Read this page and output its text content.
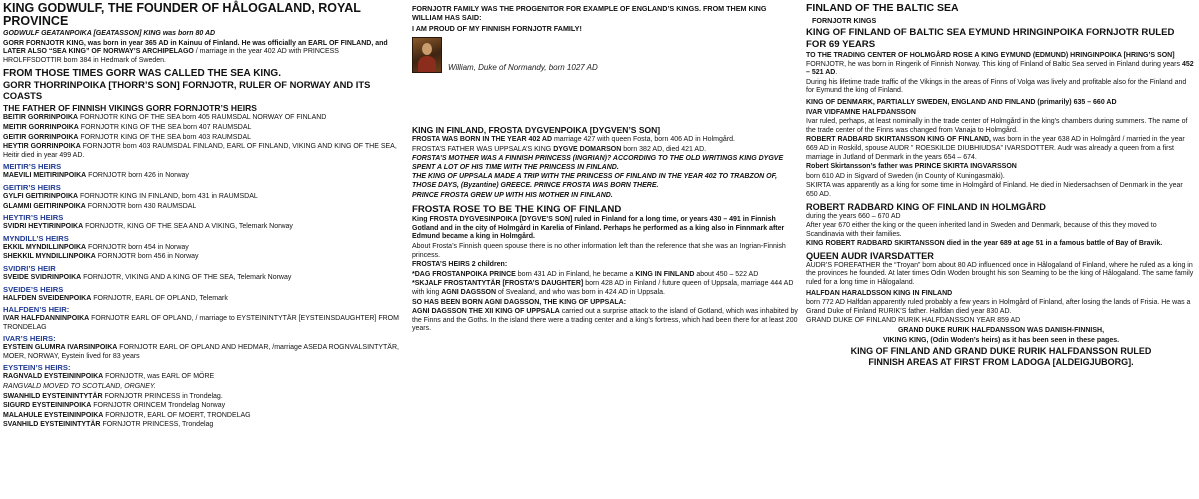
KING GODWULF, THE FOUNDER OF HÅLOGALAND, ROYAL PROVINCE
GODWULF GEATANPOIKA [GEATASSON] KING was born 80 AD
GORR FORNJOTR KING, was born in year 365 AD in Kainuu of Finland. He was officially an EARL OF FINLAND, and LATER ALSO “SEA KING” OF NORWAY’S ARCHIPELAGO / marriage in the year 402 AD with PRINCESS HROLFFSDOTTIR born 384 in Hedmark of Sweden.
FROM THOSE TIMES GORR WAS CALLED THE SEA KING.
GORR THORRINPOIKA [THORR’S SON] FORNJOTR, RULER OF NORWAY AND ITS COASTS
THE FATHER OF FINNISH VIKINGS GORR FORNJOTR’S HEIRS
BEITIR GORRINPOIKA FORNJOTR KING OF THE SEA born 405 RAUMSDAL NORWAY OF FINLAND
MEITIR GORRINPOIKA FORNJOTR KING OF THE SEA born 407 RAUMSDAL
GEITIR GORRINPOIKA FORNJOTR KING OF THE SEA born 403 RAUMSDAL
HEYTIR GORRINPOIKA FORNJOTR born 403 RAUMSDAL FINLAND, EARL OF FINLAND, VIKING AND KING OF THE SEA, Heitir died in year 499 AD.
MEITIR’S HEIRS
MAEVILI MEITIRINPOIKA FORNJOTR born 426 in Norway
GEITIR’S HEIRS
GYLFI GEITIRINPOIKA FORNJOTR KING IN FINLAND, born 431 in RAUMSDAL
GLAMMI GEITIRINPOIKA FORNJOTR born 430 RAUMSDAL
HEYTIR’S HEIRS
SVIDRI HEYTIRINPOIKA FORNJOTR, KING OF THE SEA AND A VIKING, Telemark Norway
MYNDILL’S HEIRS
EKKIL MYNDILLINPOIKA FORNJOTR born 454 in Norway
SHEKKIL MYNDILLINPOIKA FORNJOTR born 456 in Norway
SVIDRI’S HEIR
SVEIDE SVIDRINPOIKA FORNJOTR, VIKING AND A KING OF THE SEA, Telemark Norway
SVEIDE’S HEIRS
HALFDEN SVEIDENPOIKA FORNJOTR, EARL OF OPLAND, Telemark
HALFDEN’S HEIR:
IVAR HALFDANNINPOIKA FORNJOTR EARL OF OPLAND, / marriage to EYSTEININTYTÄR [EYSTEINSDAUGHTER] FROM TRONDELAG
IVAR’S HEIRS:
EYSTEIN GLUMRA IVARSINPOIKA FORNJOTR EARL OF OPLAND AND HEDMAR, /marriage ASEDA ROGNVALSINTYTÄR, MOER, NORWAY, Eystein lived for 83 years
EYSTEIN’S HEIRS:
RAGNVALD EYSTEININPOIKA FORNJOTR, was EARL OF MÖRE
RANGVALD MOVED TO SCOTLAND, ORGNEY.
SWANHILD EYSTEININTYTÄR FORNJOTR PRINCESS in Trondelag.
SIGURD EYSTEININPOIKA FORNJOTR ORINCEM Trondelag Norway
MALAHULE EYSTEININPOIKA FORNJOTR, EARL OF MOERT, TRONDELAG
SVANHILD EYSTEININTYTÄR FORNJOTR PRINCESS, Trondelag
FORNJOTR FAMILY WAS THE PROGENITOR FOR EXAMPLE OF ENGLAND’S KINGS. FROM THEM KING WILLIAM HAS SAID:
I AM PROUD OF MY FINNISH FORNJOTR FAMILY!
William, Duke of Normandy, born 1027 AD
KING IN FINLAND, FROSTA DYGVENPOIKA [DYGVEN’S SON]
FROSTA WAS BORN IN THE YEAR 402 AD marriage 427 with queen Fosta, born 406 AD in Holmgård.
FROSTA’S FATHER WAS UPPSALA’S KING DYGVE DOMARSON born 382 AD, died 421 AD.
FORSTA’S MOTHER WAS A FINNISH PRINCESS (INGRIAN)? ACCORDING TO THE OLD WRITINGS KING DYGVE SPENT A LOT OF HIS TIME WITH THE PRINCESS IN FINLAND.
THE KING OF UPPSALA MADE A TRIP WITH THE PRINCESS OF FINLAND IN THE YEAR 402 TO TRABZON OF, THOSE DAYS, (Byzantine) GREECE. PRINCE FROSTA WAS BORN THERE.
PRINCE FROSTA GREW UP WITH HIS MOTHER IN FINLAND.
FROSTA ROSE TO BE THE KING OF FINLAND
King FROSTA DYGVESINPOIKA [DYGVE’S SON] ruled in Finland for a long time, or years 430 – 491 in Finnish Gotland and in the city of Holmgård in Karelia of Finland. Perhaps he performed as a king also in Finnmark after Edmund became a king in Holmgård.
About Frosta’s Finnish queen spouse there is no other information left than the reference that she was an Ingrian-Finnish princess.
FROSTA’S HEIRS 2 children:
*DAG FROSTANPOIKA PRINCE born 431 AD in Finland, he became a KING IN FINLAND about 450 – 522 AD
*SKJALF FROSTANTYTÄR [FROSTA’S DAUGHTER] born 428 AD in Finland / future queen of Uppsala, marriage 444 AD with king AGNI DAGSSON of Svealand, and who was born in 424 AD in Uppsala.
SO HAS BEEN BORN AGNI DAGSSON, THE KING OF UPPSALA:
AGNI DAGSSON THE XII KING OF UPPSALA carried out a surprise attack to the island of Gotland, which was inhabited by the Finns and the Goths. In the island there were a trading center and a king’s fortress, which had been there for at least 200 years.
FINLAND OF THE BALTIC SEA
FORNJOTR KINGS
KING OF FINLAND OF BALTIC SEA EYMUND HRINGINPOIKA FORNJOTR RULED FOR 69 YEARS
TO THE TRADING CENTER OF HOLMGÅRD ROSE A KING EYMUND (EDMUND) HRINGINPOIKA [HRING’S SON] FORNJOTR, he was born in Ringerik of Finnish Norway. This king of Finland of Baltic Sea served in Finland during years 452 – 521 AD.
During his lifetime trade traffic of the Vikings in the areas of Finns of Volga was lively and profitable also for the Finland and for Eymund the king of Finland.
KING OF DENMARK, PARTIALLY SWEDEN, ENGLAND AND FINLAND (primarily) 635 – 660 AD
IVAR VIDFAMNE HALFDANSSON
Ivar ruled, perhaps, at least nominally in the trade center of Holmgård in the king’s chambers during summers. The name of the trade center of the Finns was changed from Vanaja to Holmgård.
ROBERT RADBARD SKIRTANSSON KING OF FINLAND, was born in the year 638 AD in Holmgård / married in the year 669 AD in Roskild, spouse AUDR ” ROESKILDE DIUBHIUDSA” IVARSDOTTER. Audr was already a queen from a first marriage in Jutland of Denmark in the years 654 – 674.
Robert Skirtansson’s father was PRINCE SKIRTA INGVARSSON
born 610 AD in Sigvard of Sweden (in County of Kuningasmäki).
SKIRTA was apparently as a king for some time in Holmgård of Finland. He died in Niedersachsen of Denmark in the year 650 AD.
ROBERT RADBARD KING OF FINLAND IN HOLMGÅRD
during the years 660 – 670 AD
After year 670 either the king or the queen inherited land in Sweden and Denmark, because of this they moved to Scandinavia with their families.
KING ROBERT RADBARD SKIRTANSSON died in the year 689 at age 51 in a famous battle of Bay of Bravik.
QUEEN AUDR IVARSDATTER
AUDR’S FOREFATHER the “Troyan” born about 80 AD influenced once in Hålogaland of Finland, where he ruled as a king in the provinces he founded. At later times Odin Woden brought his son Seaming to be the king of Hålogaland. The same family ruled for a long time in Hålogaland.
HALFDAN HARALDSSON KING IN FINLAND
born 772 AD Halfdan apparently ruled probably a few years in Holmgård of Finland, after losing the lands of Frisia. He was a Grand Duke of Finland RURIK’S father. Halfdan died year 830 AD.
GRAND DUKE OF FINLAND RURIK HALFDANSSON YEAR 859 AD
GRAND DUKE RURIK HALFDANSSON WAS DANISH-FINNISH,
VIKING KING, (Odin Woden’s heirs) as it has been seen in these pages.
KING OF FINLAND AND GRAND DUKE RURIK HALFDANSSON RULED
FINNISH AREAS AT FIRST FROM LADOGA [ALDEIGJUBORG].
